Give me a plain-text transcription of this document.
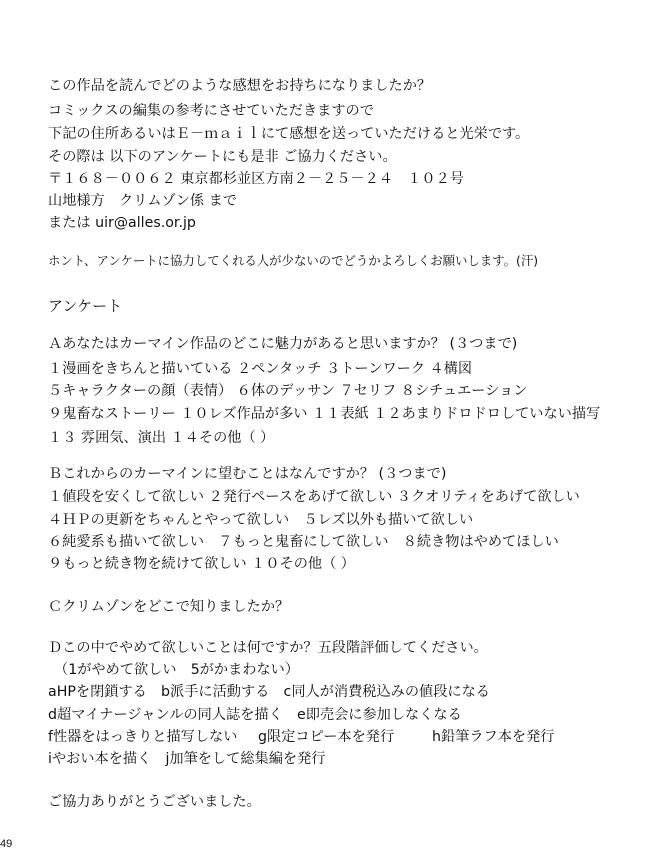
この作品を読んでどのような感想をお持ちになりましたか？

コミックスの編集の参考にさせていただきますので

下記の住所あるいはＥ－ｍａｉｌにて感想を送っていただけると光栄です。

その際は 以下のアンケートにも是非 ご協力ください。

〒１６８－００６２ 東京都杉並区方南２－２５－２４　１０２号

山地様方　クリムゾン係 まで

または uir@alles.or.jp

ホント、アンケートに協力してくれる人が少ないのでどうかよろしくお願いします。(汗)

アンケート

Ａあなたはカーマイン作品のどこに魅力があると思いますか？ (３つまで)

１漫画をきちんと描いている ２ペンタッチ ３トーンワーク ４構図

５キャラクターの顔（表情） ６体のデッサン ７セリフ ８シチュエーション

９鬼畜なストーリー １０レズ作品が多い １１表紙 １２あまりドロドロしていない描写

１３ 雰囲気、演出 １４その他（ ）

Ｂこれからのカーマインに望むことはなんですか？ (３つまで)

１値段を安くして欲しい ２発行ペースをあげて欲しい ３クオリティをあげて欲しい

４ＨＰの更新をちゃんとやって欲しい　５レズ以外も描いて欲しい

６純愛系も描いて欲しい　７もっと鬼畜にして欲しい　８続き物はやめてほしい

９もっと続き物を続けて欲しい １０その他（ ）

Ｃクリムゾンをどこで知りましたか？

Ｄこの中でやめて欲しいことは何ですか？五段階評価してください。

（1がやめて欲しい　5がかまわない）

aHPを閉鎖する　b派手に活動する　c同人が消費税込みの値段になる

d超マイナージャンルの同人誌を描く　e即売会に参加しなくなる

f性器をはっきりと描写しない g限定コピー本を発行	h鉛筆ラフ本を発行

iやおい本を描く　j加筆をして総集編を発行

ご協力ありがとうございました。

49
